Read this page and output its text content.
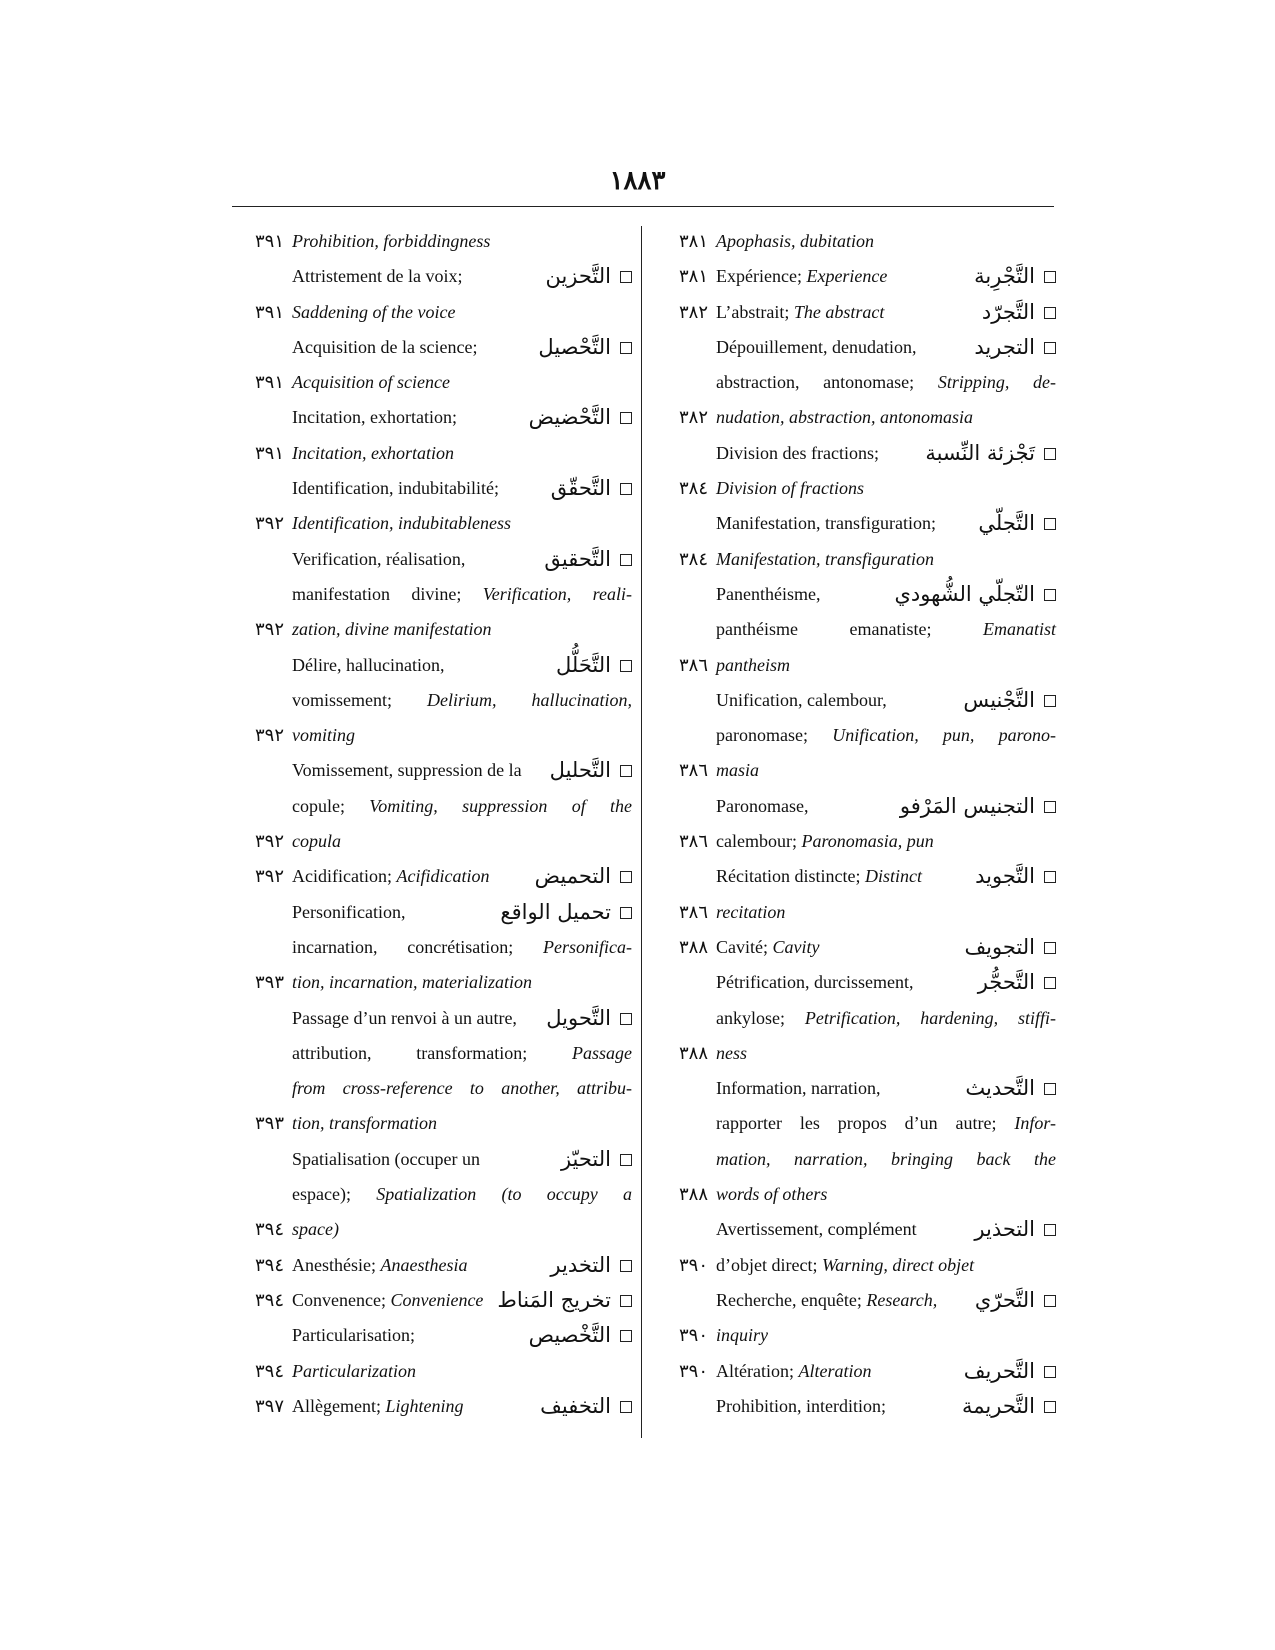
١٨٨٣
٣٨١ Apophasis, dubitation
٣٨١ Expérience; Experience	التَّجْرِبة
٣٨٢ L’abstrait; The abstract	التَّجرّد
Dépouillement, denudation,	التجريد
abstraction, antonomase; Stripping, de-
٣٨٢ nudation, abstraction, antonomasia
Division des fractions;	تَجْزئة النِّسبة
٣٨٤ Division of fractions
Manifestation, transfiguration; التَّجلّي
٣٨٤ Manifestation, transfiguration
Panenthéisme,	التّجلّي الشُّهودي
panthéisme emanatiste; Emanatist
٣٨٦ pantheism
Unification, calembour,	التَّجْنيس
paronomase; Unification, pun, parono-
٣٨٦ masia
Paronomase,	التجنيس المَرْفو
٣٨٦ calembour; Paronomasia, pun
Récitation distincte; Distinct	التَّجويد
٣٨٦ recitation
٣٨٨ Cavité; Cavity	التجويف
Pétrification, durcissement,	التَّحجُّر
ankylose; Petrification, hardening, stiffi-
٣٨٨ ness
Information, narration,	التَّحديث
rapporter les propos d’un autre; Infor-
mation, narration, bringing back the
٣٨٨ words of others
Avertissement, complément	التحذير
٣٩٠ d’objet direct; Warning, direct objet
Recherche, enquête; Research, التَّحرّي
٣٩٠ inquiry
٣٩٠ Altération; Alteration	التَّحريف
Prohibition, interdition;	التَّحريمة
٣٩١ Prohibition, forbiddingness
Attristement de la voix;	التَّحزين
٣٩١ Saddening of the voice
Acquisition de la science;	التَّحْصيل
٣٩١ Acquisition of science
Incitation, exhortation;	التَّحْضيض
٣٩١ Incitation, exhortation
Identification, indubitabilité; التَّحقّق
٣٩٢ Identification, indubitableness
Verification, réalisation,	التَّحقيق
manifestation divine; Verification, reali-
٣٩٢ zation, divine manifestation
Délire, hallucination,	التَّحَلُّل
vomissement; Delirium, hallucination,
٣٩٢ vomiting
Vomissement, suppression de la التَّحليل
copule; Vomiting, suppression of the
٣٩٢ copula
٣٩٢ Acidification; Acifidication التحميض
Personification,	تحميل الواقع
incarnation, concrétisation; Personifica-
٣٩٣ tion, incarnation, materialization
Passage d’un renvoi à un autre, التَّحويل
attribution, transformation; Passage
from cross-reference to another, attribu-
٣٩٣ tion, transformation
Spatialisation (occuper un	التحيّز
espace); Spatialization (to occupy a
٣٩٤ space)
٣٩٤ Anesthésie; Anaesthesia	التخدير
٣٩٤ Convenence; Convenience تخريج المَناط
Particularisation;	التَّخْصيص
٣٩٤ Particularization
٣٩٧ Allègement; Lightening	التخفيف
